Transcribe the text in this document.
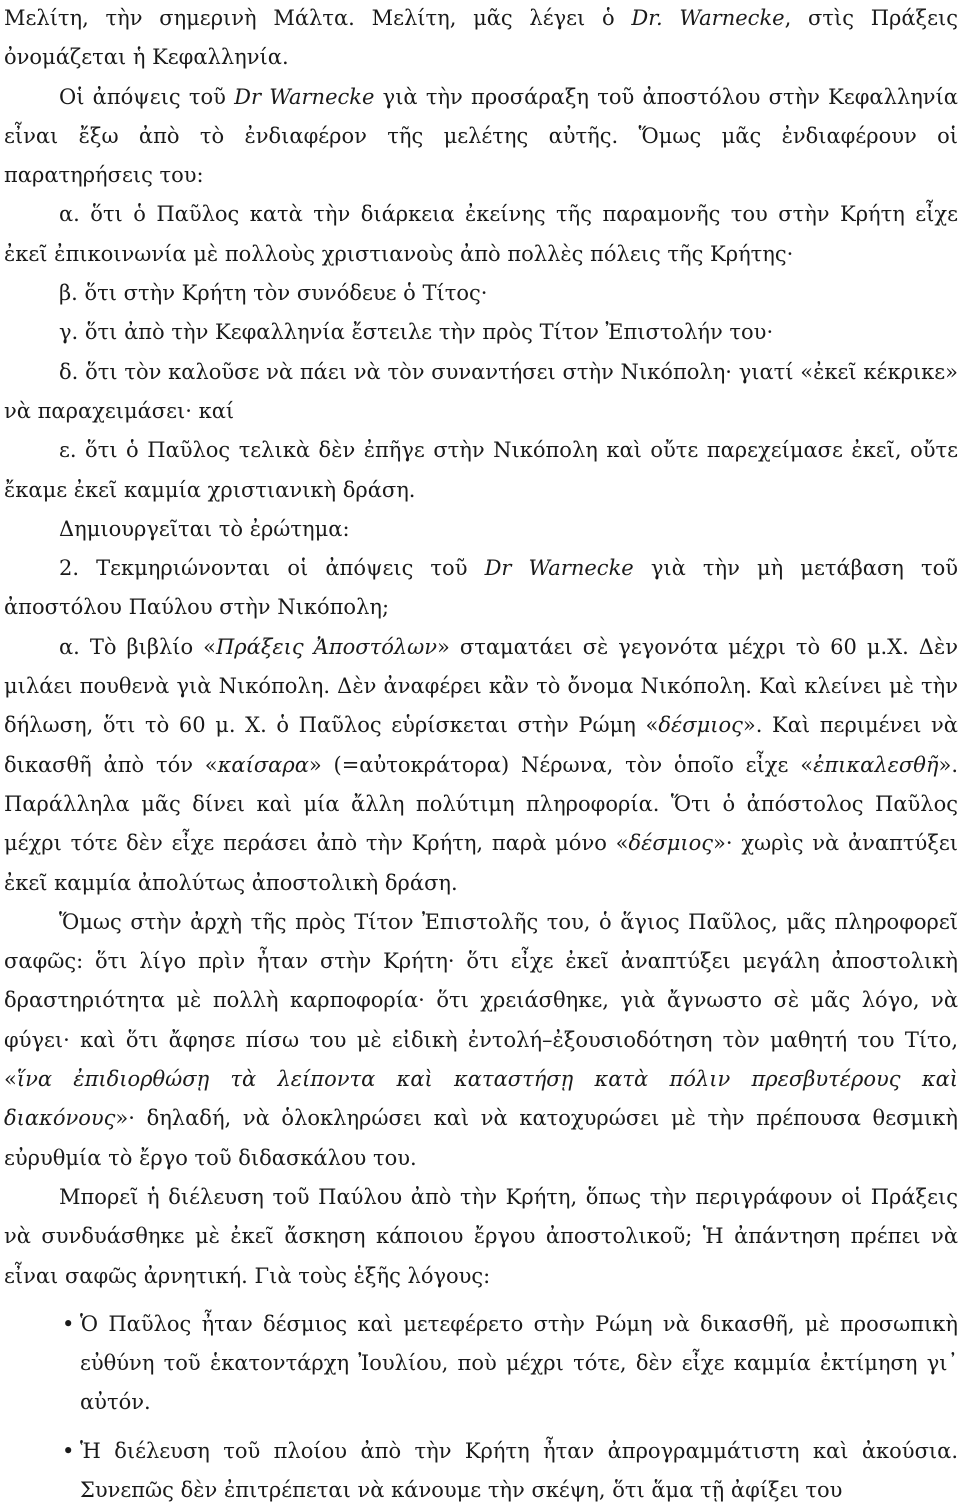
Μελίτη, τὴν σημερινὴ Μάλτα. Μελίτη, μᾶς λέγει ὁ Dr. Warnecke, στὶς Πράξεις ὀνομάζεται ἡ Κεφαλληνία.

Οἱ ἀπόψεις τοῦ Dr Warnecke γιὰ τὴν προσάραξη τοῦ ἀποστόλου στὴν Κεφαλληνία εἶναι ἔξω ἀπὸ τὸ ἐνδιαφέρον τῆς μελέτης αὐτῆς. Ὅμως μᾶς ἐνδιαφέρουν οἱ παρατηρήσεις του:

α. ὅτι ὁ Παῦλος κατὰ τὴν διάρκεια ἐκείνης τῆς παραμονῆς του στὴν Κρήτη εἶχε ἐκεῖ ἐπικοινωνία μὲ πολλοὺς χριστιανοὺς ἀπὸ πολλὲς πόλεις τῆς Κρήτης·

β. ὅτι στὴν Κρήτη τὸν συνόδευε ὁ Τίτος·

γ. ὅτι ἀπὸ τὴν Κεφαλληνία ἔστειλε τὴν πρὸς Τίτον Ἐπιστολήν του·

δ. ὅτι τὸν καλοῦσε νὰ πάει νὰ τὸν συναντήσει στὴν Νικόπολη· γιατί «ἐκεῖ κέκρικε» νὰ παραχειμάσει· καί

ε. ὅτι ὁ Παῦλος τελικὰ δὲν ἐπῆγε στὴν Νικόπολη καὶ οὔτε παρεχείμασε ἐκεῖ, οὔτε ἔκαμε ἐκεῖ καμμία χριστιανικὴ δράση.

Δημιουργεῖται τὸ ἐρώτημα:

2. Τεκμηριώνονται οἱ ἀπόψεις τοῦ Dr Warnecke γιὰ τὴν μὴ μετάβαση τοῦ ἀποστόλου Παύλου στὴν Νικόπολη;

α. Τὸ βιβλίο «Πράξεις Ἀποστόλων» σταματάει σὲ γεγονότα μέχρι τὸ 60 μ.Χ. Δὲν μιλάει πουθενὰ γιὰ Νικόπολη. Δὲν ἀναφέρει κἂν τὸ ὄνομα Νικόπολη. Καὶ κλείνει μὲ τὴν δήλωση, ὅτι τὸ 60 μ. Χ. ὁ Παῦλος εὑρίσκεται στὴν Ρώμη «δέσμιος». Καὶ περιμένει νὰ δικασθῆ ἀπὸ τόν «καίσαρα» (=αὐτοκράτορα) Νέρωνα, τὸν ὁποῖο εἶχε «ἐπικαλεσθῆ». Παράλληλα μᾶς δίνει καὶ μία ἄλλη πολύτιμη πληροφορία. Ὅτι ὁ ἀπόστολος Παῦλος μέχρι τότε δὲν εἶχε περάσει ἀπὸ τὴν Κρήτη, παρὰ μόνο «δέσμιος»· χωρὶς νὰ ἀναπτύξει ἐκεῖ καμμία ἀπολύτως ἀποστολικὴ δράση.

Ὅμως στὴν ἀρχὴ τῆς πρὸς Τίτον Ἐπιστολῆς του, ὁ ἅγιος Παῦλος, μᾶς πληροφορεῖ σαφῶς: ὅτι λίγο πρὶν ἦταν στὴν Κρήτη· ὅτι εἶχε ἐκεῖ ἀναπτύξει μεγάλη ἀποστολικὴ δραστηριότητα μὲ πολλὴ καρποφορία· ὅτι χρειάσθηκε, γιὰ ἄγνωστο σὲ μᾶς λόγο, νὰ φύγει· καὶ ὅτι ἄφησε πίσω του μὲ εἰδικὴ ἐντολή–ἐξουσιοδότηση τὸν μαθητή του Τίτο, «ἵνα ἐπιδιορθώσῃ τὰ λείποντα καὶ καταστήσῃ κατὰ πόλιν πρεσβυτέρους καὶ διακόνους»· δηλαδή, νὰ ὁλοκληρώσει καὶ νὰ κατοχυρώσει μὲ τὴν πρέπουσα θεσμικὴ εὐρυθμία τὸ ἔργο τοῦ διδασκάλου του.

Μπορεῖ ἡ διέλευση τοῦ Παύλου ἀπὸ τὴν Κρήτη, ὅπως τὴν περιγράφουν οἱ Πράξεις νὰ συνδυάσθηκε μὲ ἐκεῖ ἄσκηση κάποιου ἔργου ἀποστολικοῦ; Ἡ ἀπάντηση πρέπει νὰ εἶναι σαφῶς ἀρνητική. Γιὰ τοὺς ἑξῆς λόγους:

• Ὁ Παῦλος ἦταν δέσμιος καὶ μετεφέρετο στὴν Ρώμη νὰ δικασθῆ, μὲ προσωπικὴ εὐθύνη τοῦ ἑκατοντάρχη Ἰουλίου, ποὺ μέχρι τότε, δὲν εἶχε καμμία ἐκτίμηση γι᾽ αὐτόν.

• Ἡ διέλευση τοῦ πλοίου ἀπὸ τὴν Κρήτη ἦταν ἀπρογραμμάτιστη καὶ ἀκούσια. Συνεπῶς δὲν ἐπιτρέπεται νὰ κάνουμε τὴν σκέψη, ὅτι ἅμα τῇ ἀφίξει του
